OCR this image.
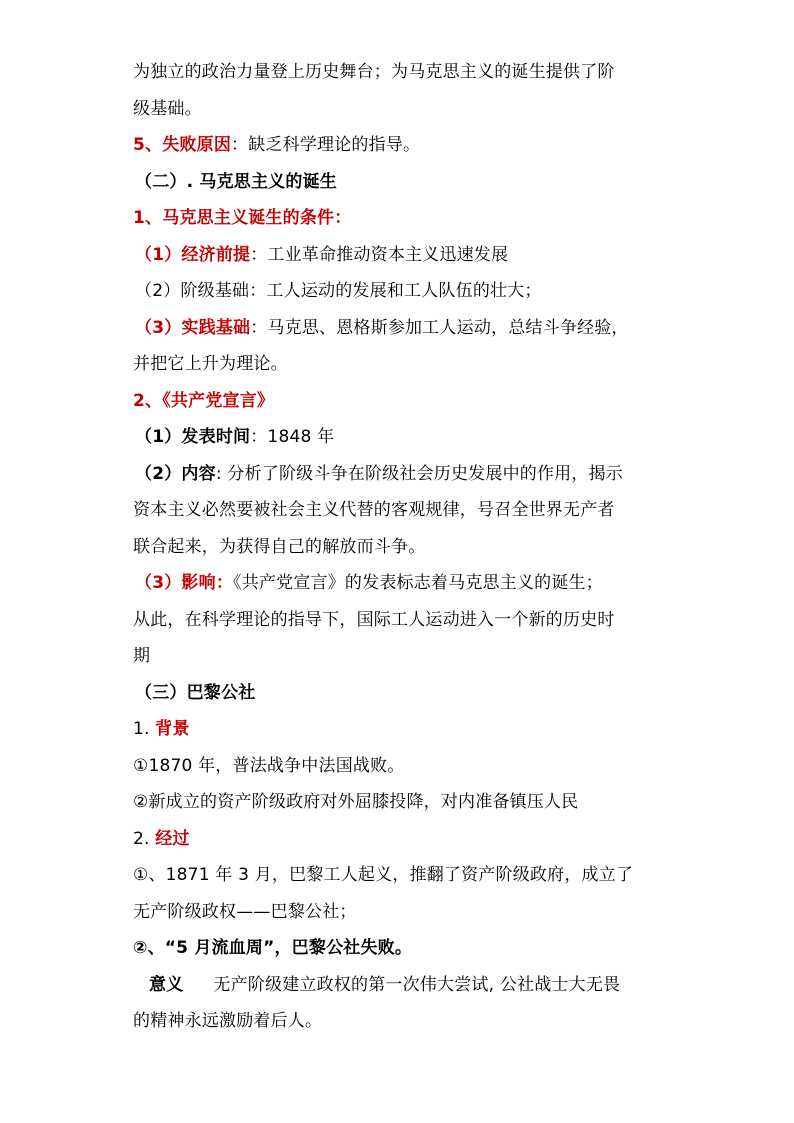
为独立的政治力量登上历史舞台；为马克思主义的诞生提供了阶
级基础。
5、失败原因：缺乏科学理论的指导。
（二）. 马克思主义的诞生
1、马克思主义诞生的条件：
（1）经济前提：工业革命推动资本主义迅速发展
（2）阶级基础：工人运动的发展和工人队伍的壮大；
（3）实践基础：马克思、恩格斯参加工人运动，总结斗争经验，
并把它上升为理论。
2、《共产党宣言》
（1）发表时间：1848 年
（2）内容: 分析了阶级斗争在阶级社会历史发展中的作用，揭示
资本主义必然要被社会主义代替的客观规律，号召全世界无产者
联合起来，为获得自己的解放而斗争。
（3）影响：《共产党宣言》的发表标志着马克思主义的诞生；
从此，在科学理论的指导下，国际工人运动进入一个新的历史时
期
（三）巴黎公社
1. 背景
①1870 年，普法战争中法国战败。
②新成立的资产阶级政府对外屈膝投降，对内准备镇压人民
2. 经过
①、1871 年 3 月，巴黎工人起义，推翻了资产阶级政府，成立了
无产阶级政权——巴黎公社；
②、“5 月流血周”，巴黎公社失败。
意义 无产阶级建立政权的第一次伟大尝试, 公社战士大无畏
的精神永远激励着后人。
